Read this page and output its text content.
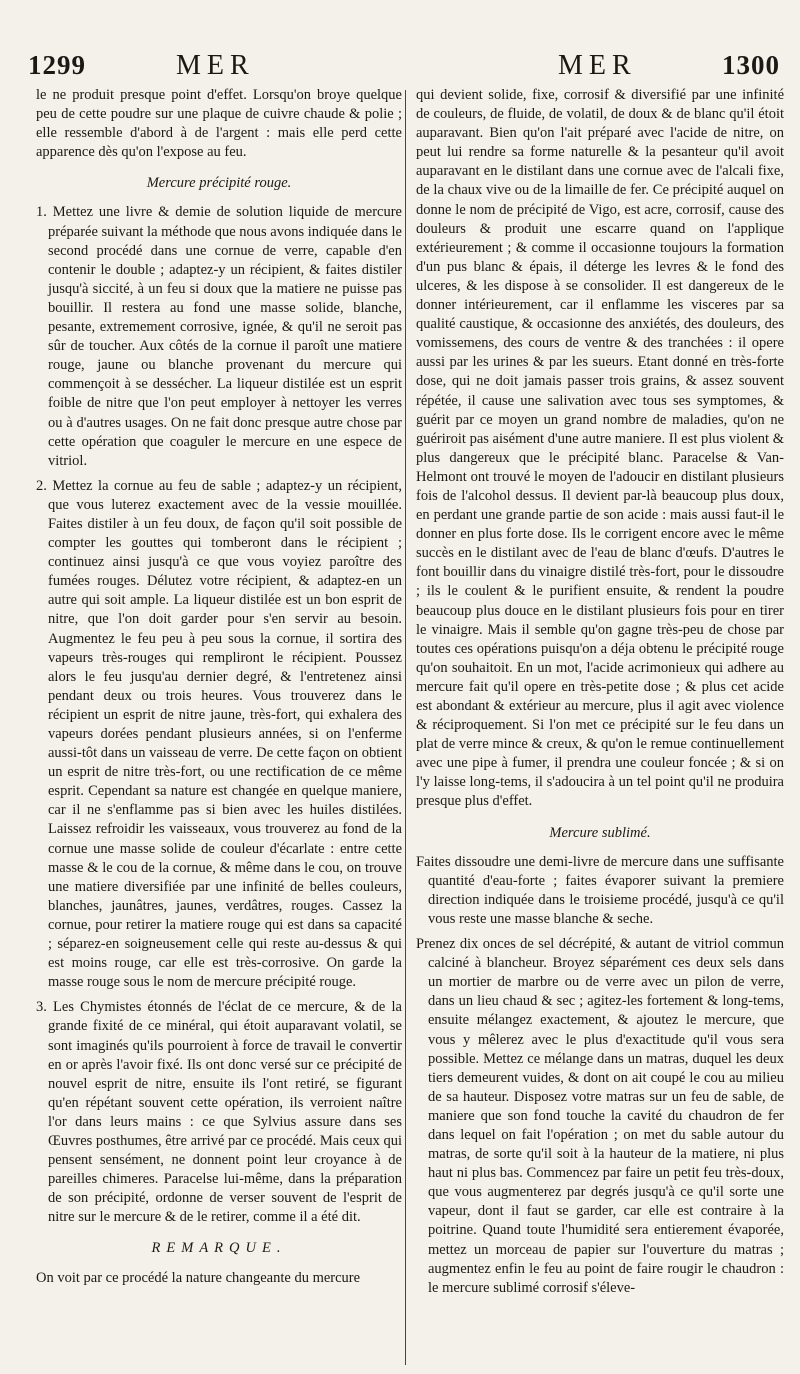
1299	MER	MER	1300

le ne produit presque point d'effet. Lorsqu'on broye quelque peu de cette poudre sur une plaque de cuivre chaude & polie ; elle ressemble d'abord à de l'argent : mais elle perd cette apparence dès qu'on l'expose au feu.

Mercure précipité rouge.

1. Mettez une livre & demie de solution liquide de mercure préparée suivant la méthode que nous avons indiquée dans le second procédé dans une cornue de verre, capable d'en contenir le double ; adaptez-y un récipient, & faites distiler jusqu'à siccité, à un feu si doux que la matiere ne puisse pas bouillir. Il restera au fond une masse solide, blanche, pesante, extremement corrosive, ignée, & qu'il ne seroit pas sûr de toucher. Aux côtés de la cornue il paroît une matiere rouge, jaune ou blanche provenant du mercure qui commençoit à se dessécher. La liqueur distilée est un esprit foible de nitre que l'on peut employer à nettoyer les verres ou à d'autres usages. On ne fait donc presque autre chose par cette opération que coaguler le mercure en une espece de vitriol.

2. Mettez la cornue au feu de sable ; adaptez-y un récipient, que vous luterez exactement avec de la vessie mouillée. Faites distiler à un feu doux, de façon qu'il soit possible de compter les gouttes qui tomberont dans le récipient ; continuez ainsi jusqu'à ce que vous voyiez paroître des fumées rouges. Délutez votre récipient, & adaptez-en un autre qui soit ample. La liqueur distilée est un bon esprit de nitre, que l'on doit garder pour s'en servir au besoin. Augmentez le feu peu à peu sous la cornue, il sortira des vapeurs très-rouges qui rempliront le récipient. Poussez alors le feu jusqu'au dernier degré, & l'entretenez ainsi pendant deux ou trois heures. Vous trouverez dans le récipient un esprit de nitre jaune, très-fort, qui exhalera des vapeurs dorées pendant plusieurs années, si on l'enferme aussi-tôt dans un vaisseau de verre. De cette façon on obtient un esprit de nitre très-fort, ou une rectification de ce même esprit. Cependant sa nature est changée en quelque maniere, car il ne s'enflamme pas si bien avec les huiles distilées. Laissez refroidir les vaisseaux, vous trouverez au fond de la cornue une masse solide de couleur d'écarlate : entre cette masse & le cou de la cornue, & même dans le cou, on trouve une matiere diversifiée par une infinité de belles couleurs, blanches, jaunâtres, jaunes, verdâtres, rouges. Cassez la cornue, pour retirer la matiere rouge qui est dans sa capacité ; séparez-en soigneusement celle qui reste au-dessus & qui est moins rouge, car elle est très-corrosive. On garde la masse rouge sous le nom de mercure précipité rouge.

3. Les Chymistes étonnés de l'éclat de ce mercure, & de la grande fixité de ce minéral, qui étoit auparavant volatil, se sont imaginés qu'ils pourroient à force de travail le convertir en or après l'avoir fixé. Ils ont donc versé sur ce précipité de nouvel esprit de nitre, ensuite ils l'ont retiré, se figurant qu'en répétant souvent cette opération, ils verroient naître l'or dans leurs mains : ce que Sylvius assure dans ses Œuvres posthumes, être arrivé par ce procédé. Mais ceux qui pensent sensément, ne donnent point leur croyance à de pareilles chimeres. Paracelse lui-même, dans la préparation de son précipité, ordonne de verser souvent de l'esprit de nitre sur le mercure & de le retirer, comme il a été dit.

REMARQUE.

On voit par ce procédé la nature changeante du mercure

qui devient solide, fixe, corrosif & diversifié par une infinité de couleurs, de fluide, de volatil, de doux & de blanc qu'il étoit auparavant. Bien qu'on l'ait préparé avec l'acide de nitre, on peut lui rendre sa forme naturelle & la pesanteur qu'il avoit auparavant en le distilant dans une cornue avec de l'alcali fixe, de la chaux vive ou de la limaille de fer. Ce précipité auquel on donne le nom de précipité de Vigo, est acre, corrosif, cause des douleurs & produit une escarre quand on l'applique extérieurement ; & comme il occasionne toujours la formation d'un pus blanc & épais, il déterge les levres & le fond des ulceres, & les dispose à se consolider. Il est dangereux de le donner intérieurement, car il enflamme les visceres par sa qualité caustique, & occasionne des anxiétés, des douleurs, des vomissemens, des cours de ventre & des tranchées : il opere aussi par les urines & par les sueurs. Etant donné en très-forte dose, qui ne doit jamais passer trois grains, & assez souvent répétée, il cause une salivation avec tous ses symptomes, & guérit par ce moyen un grand nombre de maladies, qu'on ne guériroit pas aisément d'une autre maniere. Il est plus violent & plus dangereux que le précipité blanc. Paracelse & Van-Helmont ont trouvé le moyen de l'adoucir en distilant plusieurs fois de l'alcohol dessus. Il devient par-là beaucoup plus doux, en perdant une grande partie de son acide : mais aussi faut-il le donner en plus forte dose. Ils le corrigent encore avec le même succès en le distilant avec de l'eau de blanc d'œufs. D'autres le font bouillir dans du vinaigre distilé très-fort, pour le dissoudre ; ils le coulent & le purifient ensuite, & rendent la poudre beaucoup plus douce en le distilant plusieurs fois pour en tirer le vinaigre. Mais il semble qu'on gagne très-peu de chose par toutes ces opérations puisqu'on a déja obtenu le précipité rouge qu'on souhaitoit. En un mot, l'acide acrimonieux qui adhere au mercure fait qu'il opere en très-petite dose ; & plus cet acide est abondant & extérieur au mercure, plus il agit avec violence & réciproquement. Si l'on met ce précipité sur le feu dans un plat de verre mince & creux, & qu'on le remue continuellement avec une pipe à fumer, il prendra une couleur foncée ; & si on l'y laisse long-tems, il s'adoucira à un tel point qu'il ne produira presque plus d'effet.

Mercure sublimé.

Faites dissoudre une demi-livre de mercure dans une suffisante quantité d'eau-forte ; faites évaporer suivant la premiere direction indiquée dans le troisieme procédé, jusqu'à ce qu'il vous reste une masse blanche & seche.

Prenez dix onces de sel décrépité, & autant de vitriol commun calciné à blancheur. Broyez séparément ces deux sels dans un mortier de marbre ou de verre avec un pilon de verre, dans un lieu chaud & sec ; agitez-les fortement & long-tems, ensuite mélangez exactement, & ajoutez le mercure, que vous y mêlerez avec le plus d'exactitude qu'il vous sera possible. Mettez ce mélange dans un matras, duquel les deux tiers demeurent vuides, & dont on ait coupé le cou au milieu de sa hauteur. Disposez votre matras sur un feu de sable, de maniere que son fond touche la cavité du chaudron de fer dans lequel on fait l'opération ; on met du sable autour du matras, de sorte qu'il soit à la hauteur de la matiere, ni plus haut ni plus bas. Commencez par faire un petit feu très-doux, que vous augmenterez par degrés jusqu'à ce qu'il sorte une vapeur, dont il faut se garder, car elle est contraire à la poitrine. Quand toute l'humidité sera entierement évaporée, mettez un morceau de papier sur l'ouverture du matras ; augmentez enfin le feu au point de faire rougir le chaudron : le mercure sublimé corrosif s'éleve-
